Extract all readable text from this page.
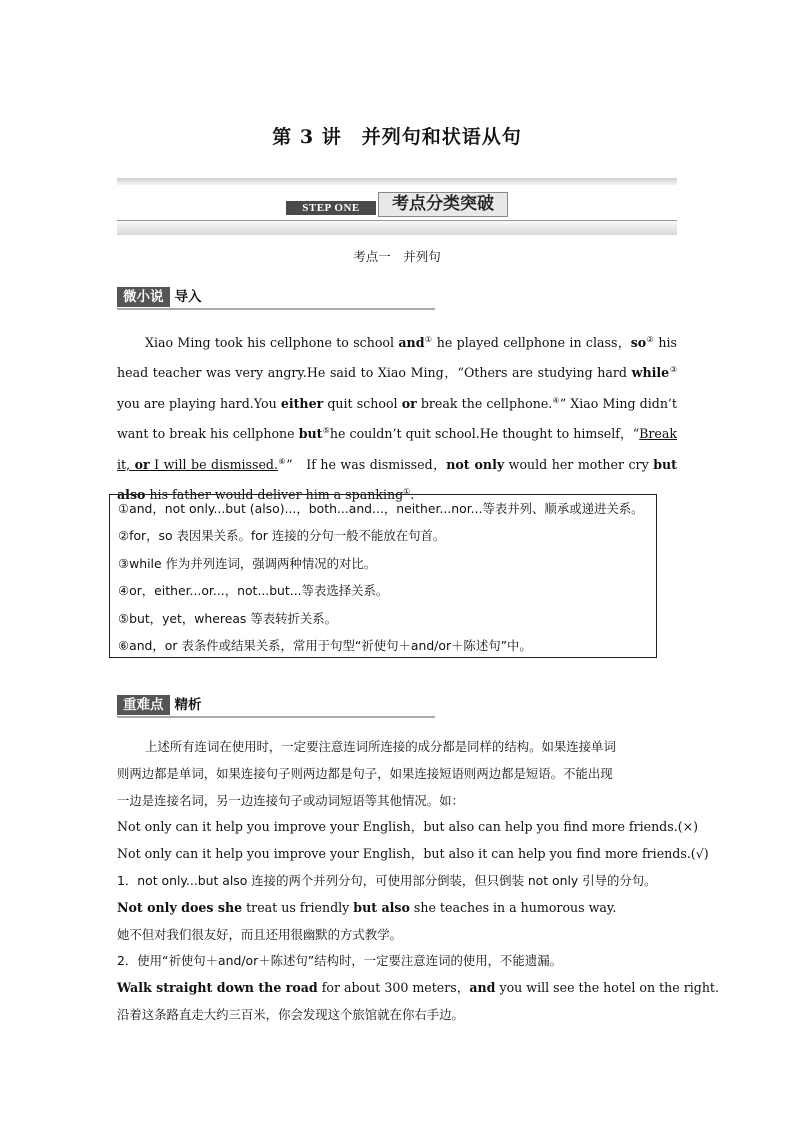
第 3 讲　并列句和状语从句
STEP ONE	考点分类突破
考点一　并列句
微小说 导入

Xiao Ming took his cellphone to school and① he played cellphone in class，so② his head teacher was very angry.He said to Xiao Ming，“Others are studying hard while③ you are playing hard.You either quit school or break the cellphone.④” Xiao Ming didn’t want to break his cellphone but⑤he couldn’t quit school.He thought to himself，“Break it, or I will be dismissed.⑥”　If he was dismissed，not only would her mother cry but also his father would deliver him a spanking①.

①and，not only...but (also)...，both...and...，neither...nor...等表并列、顺承或递进关系。
②for，so 表因果关系。for 连接的分句一般不能放在句首。
③while 作为并列连词，强调两种情况的对比。
④or，either...or...，not...but...等表选择关系。
⑤but，yet，whereas 等表转折关系。
⑥and，or 表条件或结果关系，常用于句型“祈使句＋and/or＋陈述句”中。
重难点 精析
上述所有连词在使用时，一定要注意连词所连接的成分都是同样的结构。如果连接单词
则两边都是单词，如果连接句子则两边都是句子，如果连接短语则两边都是短语。不能出现
一边是连接名词，另一边连接句子或动词短语等其他情况。如：
Not only can it help you improve your English，but also can help you find more friends.(×)
Not only can it help you improve your English，but also it can help you find more friends.(√)
1．not only...but also 连接的两个并列分句，可使用部分倒装，但只倒装 not only 引导的分句。
Not only does she treat us friendly but also she teaches in a humorous way.
她不但对我们很友好，而且还用很幽默的方式教学。
2．使用“祈使句＋and/or＋陈述句”结构时，一定要注意连词的使用，不能遗漏。
Walk straight down the road for about 300 meters，and you will see the hotel on the right.
沿着这条路直走大约三百米，你会发现这个旅馆就在你右手边。
